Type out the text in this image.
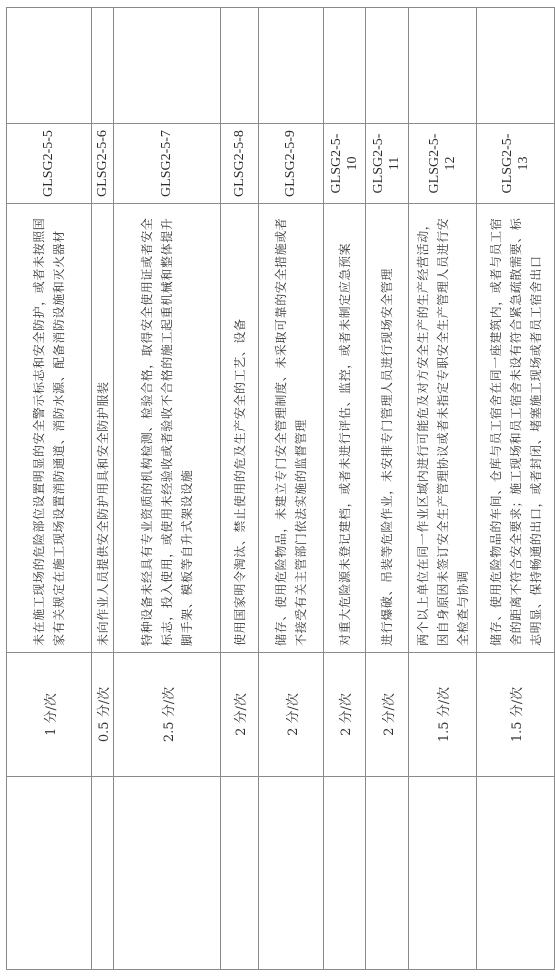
	1 分/次	未在施工现场的危险部位设置明显的安全警示标志和安全防护，或者未按照国家有关规定在施工现场设置消防通道、消防水源、配备消防设施和灭火器材	GLSG2-5-5	
	0.5 分/次	未向作业人员提供安全防护用具和安全防护服装	GLSG2-5-6	
	2.5 分/次	特种设备未经具有专业资质的机构检测、检验合格，取得安全使用证或者安全标志，投入使用，或使用未经验收或者验收不合格的施工起重机械和整体提升脚手架、模板等自升式架设设施	GLSG2-5-7	
	2 分/次	使用国家明令淘汰、禁止使用的危及生产安全的工艺、设备	GLSG2-5-8	
	2 分/次	储存、使用危险物品，未建立专门安全管理制度、未采取可靠的安全措施或者不接受有关主管部门依法实施的监督管理	GLSG2-5-9	
	2 分/次	对重大危险源未登记建档，或者未进行评估、监控，或者未制定应急预案	GLSG2-5-10	
	2 分/次	进行爆破、吊装等危险作业，未安排专门管理人员进行现场安全管理	GLSG2-5-11	
	1.5 分/次	两个以上单位在同一作业区域内进行可能危及对方安全生产的生产经营活动，因自身原因未签订安全生产管理协议或者未指定专职安全生产管理人员进行安全检查与协调	GLSG2-5-12	
	1.5 分/次	储存、使用危险物品的车间、仓库与员工宿舍在同一座建筑内，或者与员工宿舍的距离不符合安全要求；施工现场和员工宿舍未设有符合紧急疏散需要、标志明显、保持畅通的出口，或者封闭、堵塞施工现场或者员工宿舍出口	GLSG2-5-13	
